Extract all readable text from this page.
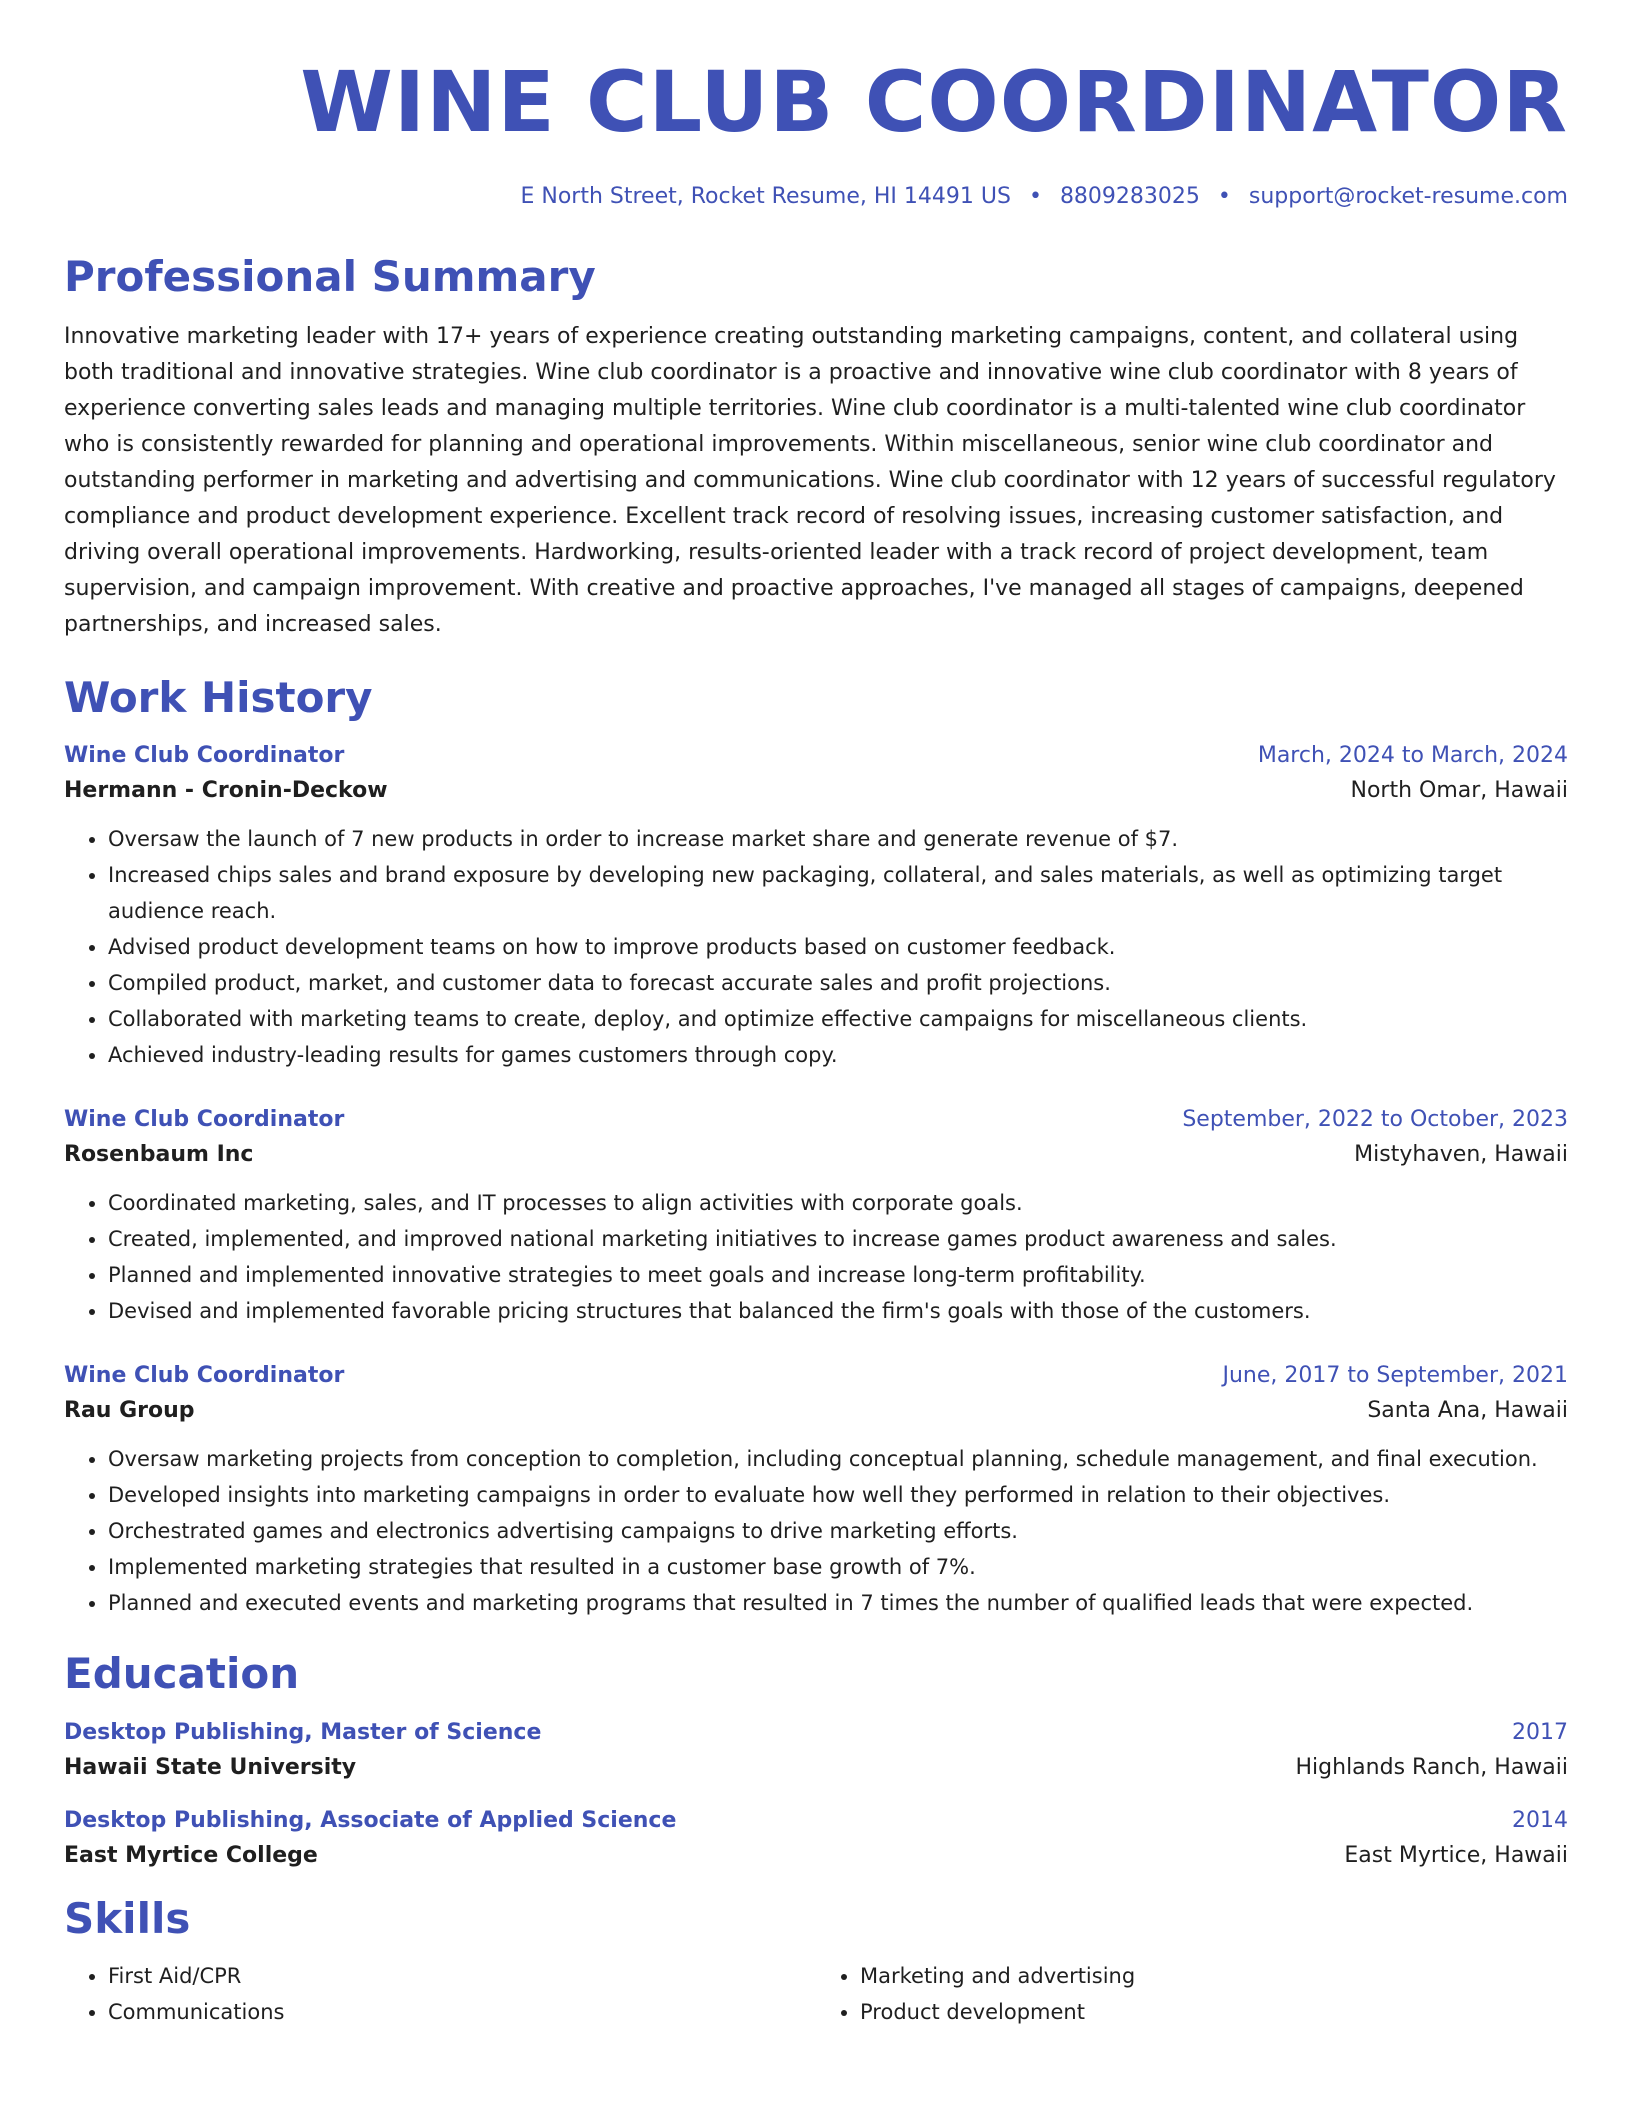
WINE CLUB COORDINATOR
E North Street, Rocket Resume, HI 14491 US • 8809283025 • support@rocket-resume.com
Professional Summary
Innovative marketing leader with 17+ years of experience creating outstanding marketing campaigns, content, and collateral using both traditional and innovative strategies. Wine club coordinator is a proactive and innovative wine club coordinator with 8 years of experience converting sales leads and managing multiple territories. Wine club coordinator is a multi-talented wine club coordinator who is consistently rewarded for planning and operational improvements. Within miscellaneous, senior wine club coordinator and outstanding performer in marketing and advertising and communications. Wine club coordinator with 12 years of successful regulatory compliance and product development experience. Excellent track record of resolving issues, increasing customer satisfaction, and driving overall operational improvements. Hardworking, results-oriented leader with a track record of project development, team supervision, and campaign improvement. With creative and proactive approaches, I've managed all stages of campaigns, deepened partnerships, and increased sales.
Work History
Wine Club Coordinator	March, 2024 to March, 2024
Hermann - Cronin-Deckow	North Omar, Hawaii
• Oversaw the launch of 7 new products in order to increase market share and generate revenue of $7.
• Increased chips sales and brand exposure by developing new packaging, collateral, and sales materials, as well as optimizing target audience reach.
• Advised product development teams on how to improve products based on customer feedback.
• Compiled product, market, and customer data to forecast accurate sales and profit projections.
• Collaborated with marketing teams to create, deploy, and optimize effective campaigns for miscellaneous clients.
• Achieved industry-leading results for games customers through copy.
Wine Club Coordinator	September, 2022 to October, 2023
Rosenbaum Inc	Mistyhaven, Hawaii
• Coordinated marketing, sales, and IT processes to align activities with corporate goals.
• Created, implemented, and improved national marketing initiatives to increase games product awareness and sales.
• Planned and implemented innovative strategies to meet goals and increase long-term profitability.
• Devised and implemented favorable pricing structures that balanced the firm's goals with those of the customers.
Wine Club Coordinator	June, 2017 to September, 2021
Rau Group	Santa Ana, Hawaii
• Oversaw marketing projects from conception to completion, including conceptual planning, schedule management, and final execution.
• Developed insights into marketing campaigns in order to evaluate how well they performed in relation to their objectives.
• Orchestrated games and electronics advertising campaigns to drive marketing efforts.
• Implemented marketing strategies that resulted in a customer base growth of 7%.
• Planned and executed events and marketing programs that resulted in 7 times the number of qualified leads that were expected.
Education
Desktop Publishing, Master of Science	2017
Hawaii State University	Highlands Ranch, Hawaii
Desktop Publishing, Associate of Applied Science	2014
East Myrtice College	East Myrtice, Hawaii
Skills
• First Aid/CPR
• Communications
• Marketing and advertising
• Product development
